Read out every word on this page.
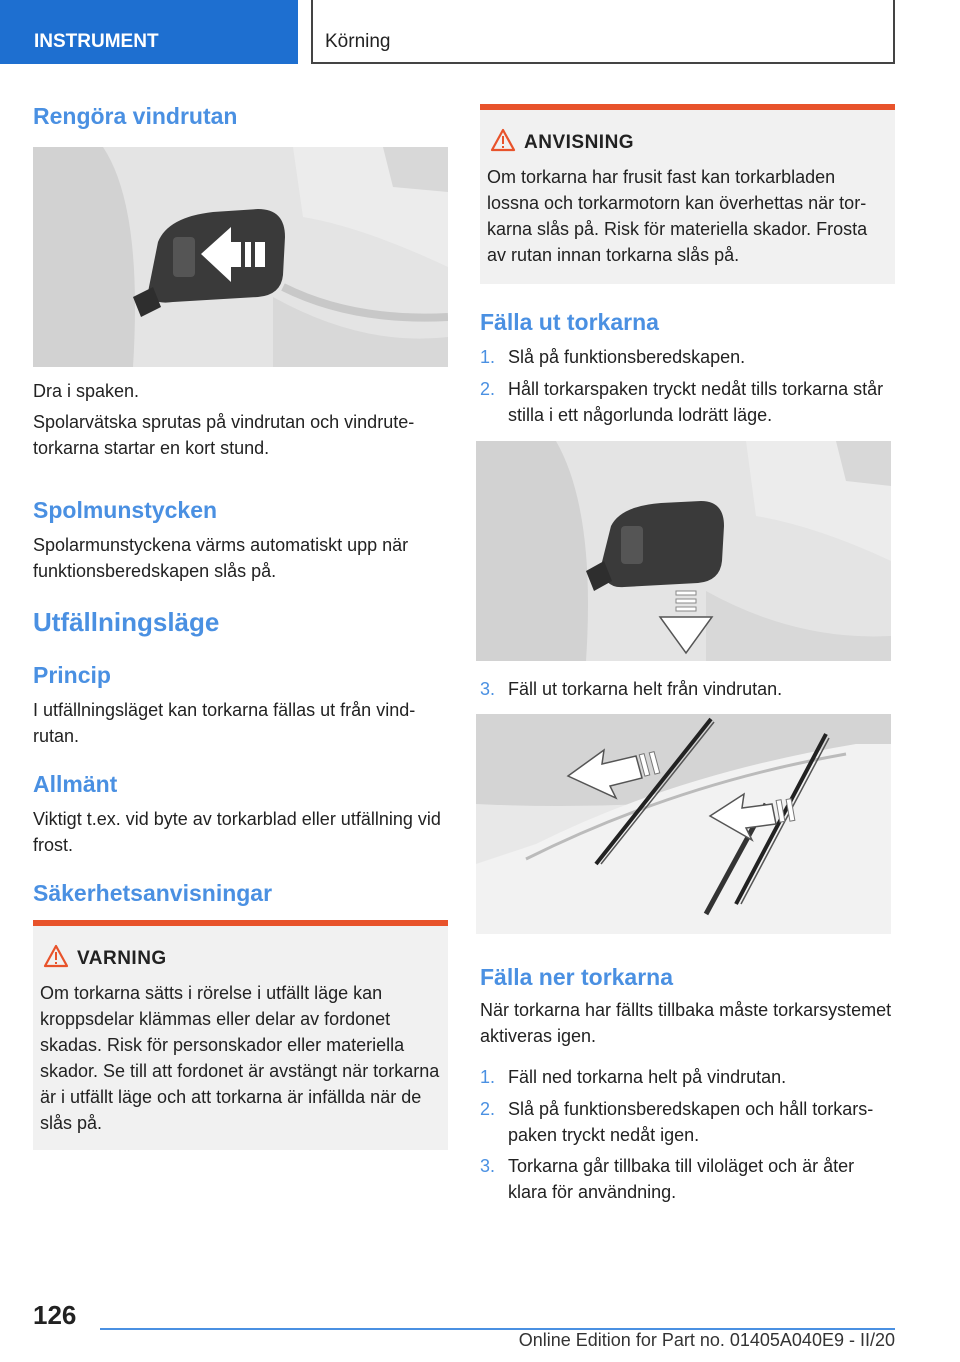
INSTRUMENT	Körning
Rengöra vindrutan

Dra i spaken.

Spolarvätska sprutas på vindrutan och vindrutetorkarna startar en kort stund.

Spolmunstycken

Spolarmunstyckena värms automatiskt upp när funktionsberedskapen slås på.

Utfällningsläge
Princip

I utfällningsläget kan torkarna fällas ut från vindrutan.

Allmänt

Viktigt t.ex. vid byte av torkarblad eller utfällning vid frost.

Säkerhetsanvisningar
VARNING
Om torkarna sätts i rörelse i utfällt läge kan kroppsdelar klämmas eller delar av fordonet skadas. Risk för personskador eller materiella skador. Se till att fordonet är avstängt när torkarna är i utfällt läge och att torkarna är infällda när de slås på.
ANVISNING
Om torkarna har frusit fast kan torkarbladen lossna och torkarmotorn kan överhettas när torkarna slås på. Risk för materiella skador. Frosta av rutan innan torkarna slås på.
Fälla ut torkarna
1. Slå på funktionsberedskapen.
2. Håll torkarspaken tryckt nedåt tills torkarna står stilla i ett någorlunda lodrätt läge.
3. Fäll ut torkarna helt från vindrutan.
Fälla ner torkarna

När torkarna har fällts tillbaka måste torkarsystemet aktiveras igen.

1. Fäll ned torkarna helt på vindrutan.
2. Slå på funktionsberedskapen och håll torkarspaken tryckt nedåt igen.
3. Torkarna går tillbaka till viloläget och är åter klara för användning.
126
Online Edition for Part no. 01405A040E9 - II/20
